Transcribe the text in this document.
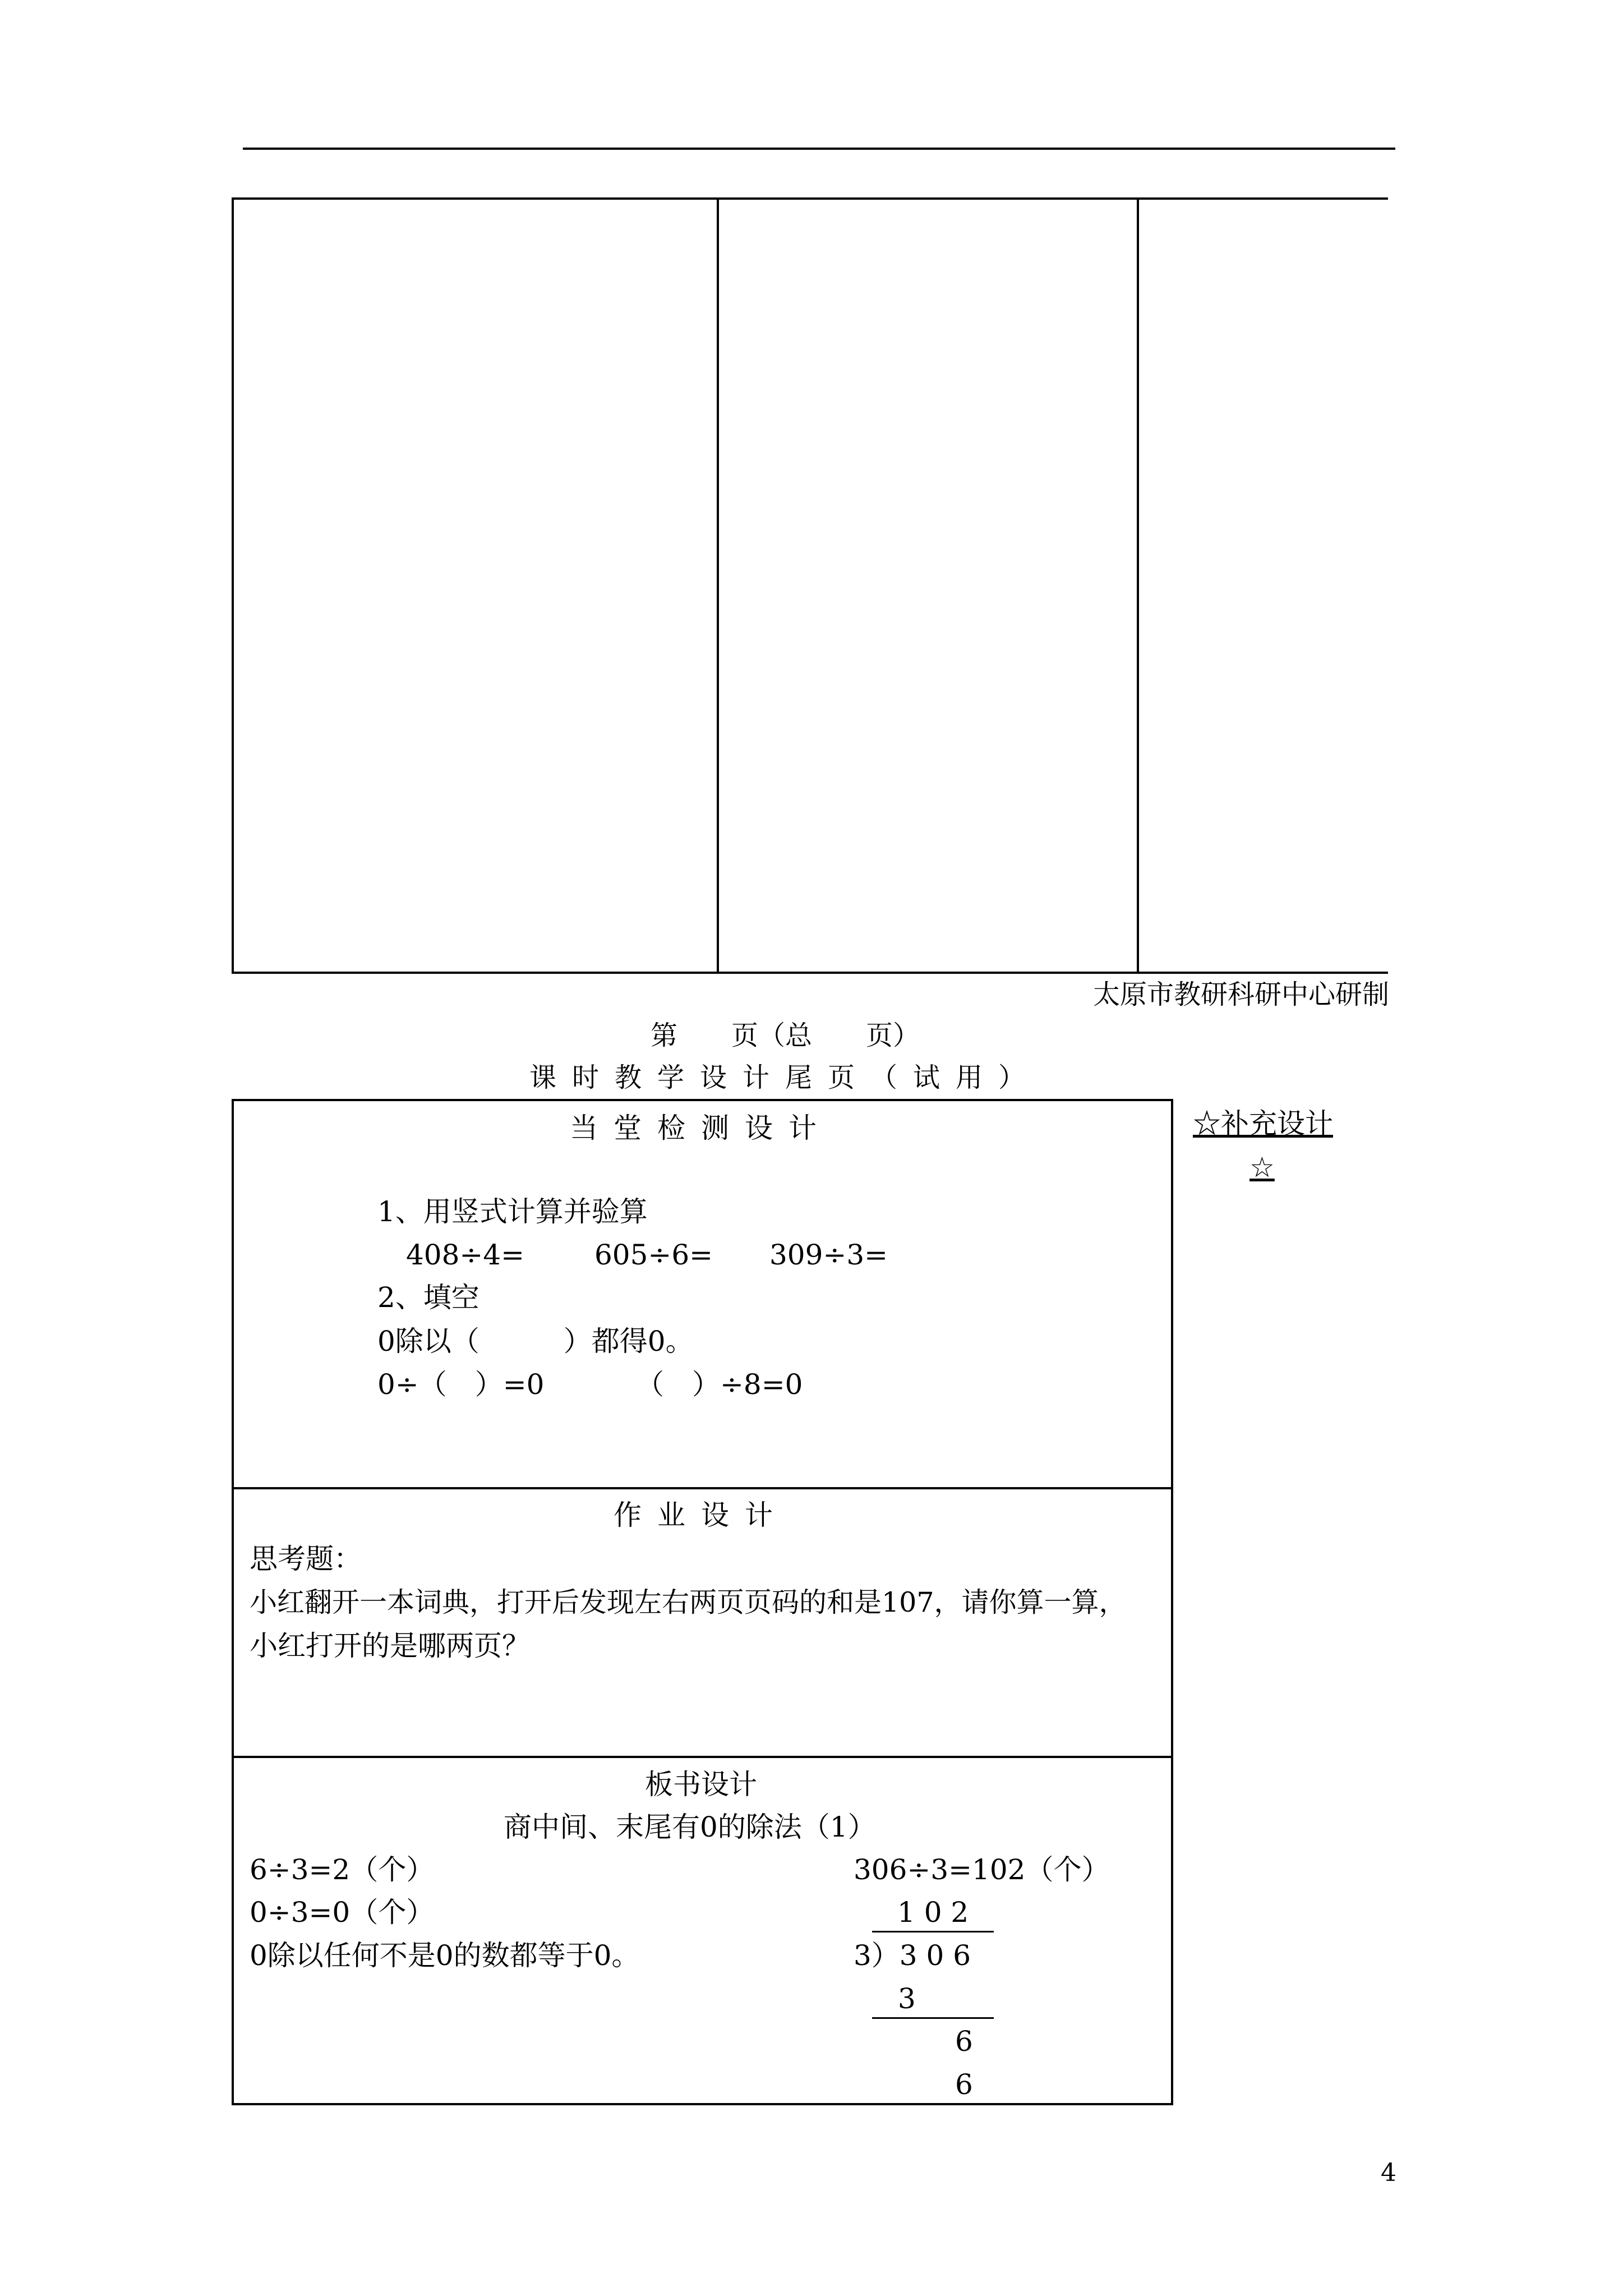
太原市教研科研中心研制
第　　页（总　　页）
课时教学设计尾页（试用）
☆补充设计
☆
当堂检测设计
1、用竖式计算并验算
408÷4= 605÷6= 309÷3=
2、填空
0除以（　　　）都得0。
0÷（　）=0	（　）÷8=0
作业设计
思考题：
小红翻开一本词典，打开后发现左右两页页码的和是107，请你算一算，
小红打开的是哪两页？
板书设计
商中间、末尾有0的除法（1）
6÷3=2（个）
0÷3=0（个）
0除以任何不是0的数都等于0。
306÷3=102（个）
1 0 2
3）3 0 6
3
6
6
4
